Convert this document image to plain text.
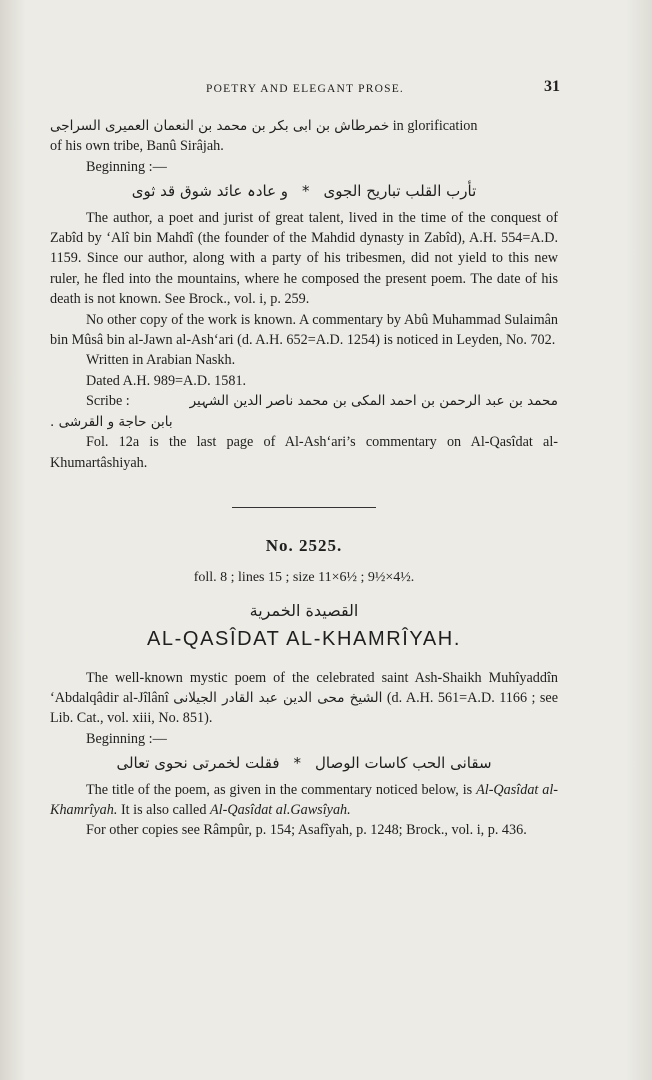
POETRY AND ELEGANT PROSE.	31

خمرطاش بن ابی بکر بن محمد بن النعمان العمیری السراجی in glorification

of his own tribe, Banû Sirâjah.

Beginning :—

تأرب القلب تباریح الجوی*و عادہ عائد شوق قد ثوی

The author, a poet and jurist of great talent, lived in the time of the conquest of Zabîd by ‘Alî bin Mahdî (the founder of the Mahdid dynasty in Zabîd), A.H. 554=A.D. 1159. Since our author, along with a party of his tribesmen, did not yield to this new ruler, he fled into the mountains, where he composed the present poem. The date of his death is not known. See Brock., vol. i, p. 259.

No other copy of the work is known. A commentary by Abû Muhammad Sulaimân bin Mûsâ bin al-Jawn al-Ash‘ari (d. A.H. 652=A.D. 1254) is noticed in Leyden, No. 702.

Written in Arabian Naskh.

Dated A.H. 989=A.D. 1581.

Scribe :	محمد بن عبد الرحمن بن احمد المکی بن محمد ناصر الدین الشہیر

بابن حاجة و القرشی .

Fol. 12a is the last page of Al-Ash‘ari’s commentary on Al-Qasîdat al-Khumartâshiyah.

No. 2525.
foll. 8 ; lines 15 ; size 11×6½ ; 9½×4½.
القصیدة الخمریة
AL-QASÎDAT AL-KHAMRÎYAH.

The well-known mystic poem of the celebrated saint Ash-Shaikh Muhîyaddîn ‘Abdalqâdir al-Jîlânî الشیخ محی الدین عبد القادر الجیلانی (d. A.H. 561=A.D. 1166 ; see Lib. Cat., vol. xiii, No. 851).

Beginning :—

سقانی الحب کاسات الوصال*فقلت لخمرتی نحوی تعالی

The title of the poem, as given in the commentary noticed below, is Al-Qasîdat al-Khamrîyah. It is also called Al-Qasîdat al.Gawsîyah.

For other copies see Râmpûr, p. 154; Asafîyah, p. 1248; Brock., vol. i, p. 436.
